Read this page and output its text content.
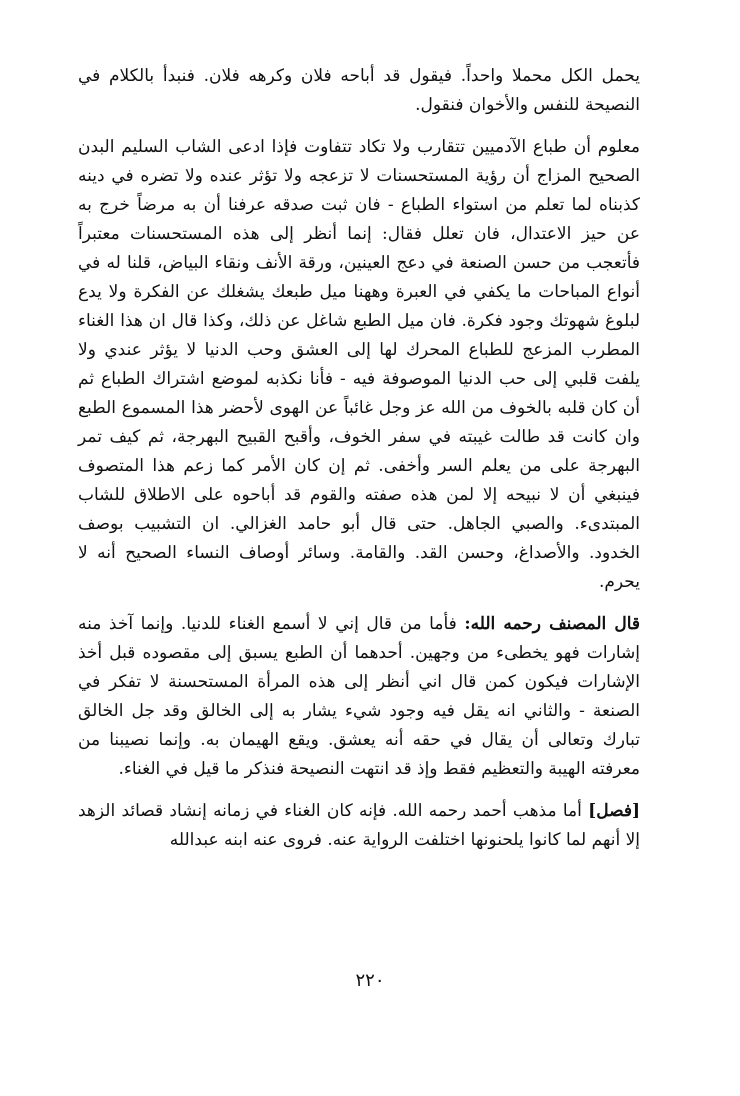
يحمل الكل محملا واحداً. فيقول قد أباحه فلان وكرهه فلان. فنبدأ بالكلام في النصيحة للنفس والأخوان فنقول.

معلوم أن طباع الآدميين تتقارب ولا تكاد تتفاوت فإذا ادعى الشاب السليم البدن الصحيح المزاج أن رؤية المستحسنات لا تزعجه ولا تؤثر عنده ولا تضره في دينه كذبناه لما تعلم من استواء الطباع - فان ثبت صدقه عرفنا أن به مرضاً خرج به عن حيز الاعتدال، فان تعلل فقال: إنما أنظر إلى هذه المستحسنات معتبراً فأتعجب من حسن الصنعة في دعج العينين، ورقة الأنف ونقاء البياض، قلنا له في أنواع المباحات ما يكفي في العبرة وههنا ميل طبعك يشغلك عن الفكرة ولا يدع لبلوغ شهوتك وجود فكرة. فان ميل الطبع شاغل عن ذلك، وكذا قال ان هذا الغناء المطرب المزعج للطباع المحرك لها إلى العشق وحب الدنيا لا يؤثر عندي ولا يلفت قلبي إلى حب الدنيا الموصوفة فيه - فأنا نكذبه لموضع اشتراك الطباع ثم أن كان قلبه بالخوف من الله عز وجل غائباً عن الهوى لأحضر هذا المسموع الطبع وان كانت قد طالت غيبته في سفر الخوف، وأقبح القبيح البهرجة، ثم كيف تمر البهرجة على من يعلم السر وأخفى. ثم إن كان الأمر كما زعم هذا المتصوف فينبغي أن لا نبيحه إلا لمن هذه صفته والقوم قد أباحوه على الاطلاق للشاب المبتدىء. والصبي الجاهل. حتى قال أبو حامد الغزالي. ان التشبيب بوصف الخدود. والأصداغ، وحسن القد. والقامة. وسائر أوصاف النساء الصحيح أنه لا يحرم.

قال المصنف رحمه الله: فأما من قال إني لا أسمع الغناء للدنيا. وإنما آخذ منه إشارات فهو يخطىء من وجهين. أحدهما أن الطبع يسبق إلى مقصوده قبل أخذ الإشارات فيكون كمن قال اني أنظر إلى هذه المرأة المستحسنة لا تفكر في الصنعة - والثاني انه يقل فيه وجود شيء يشار به إلى الخالق وقد جل الخالق تبارك وتعالى أن يقال في حقه أنه يعشق. ويقع الهيمان به. وإنما نصيبنا من معرفته الهيبة والتعظيم فقط وإذ قد انتهت النصيحة فنذكر ما قيل في الغناء.

[فصل] أما مذهب أحمد رحمه الله. فإنه كان الغناء في زمانه إنشاد قصائد الزهد إلا أنهم لما كانوا يلحنونها اختلفت الرواية عنه. فروى عنه ابنه عبدالله

٢٢٠
